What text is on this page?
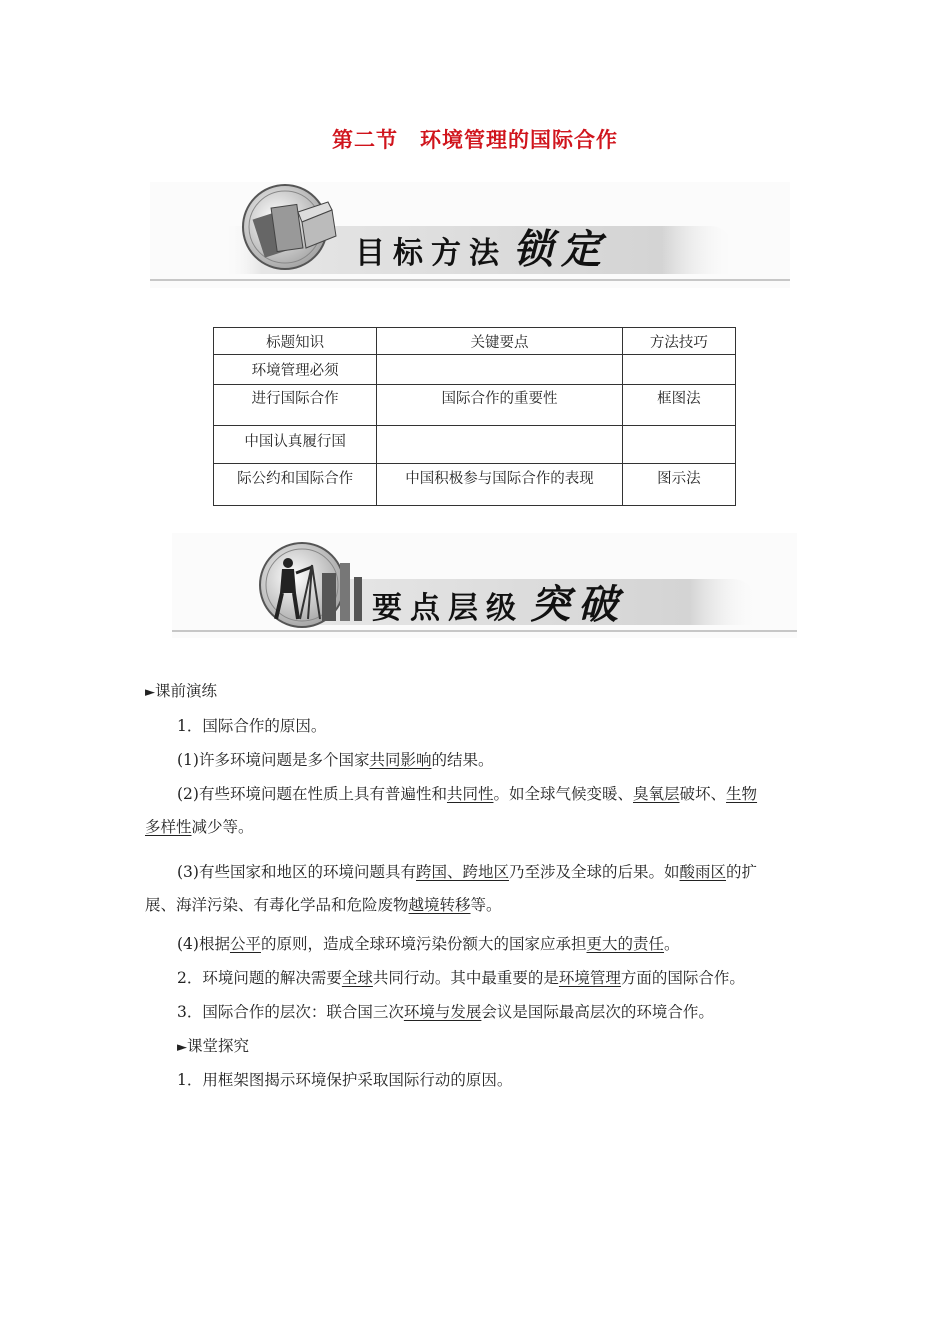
第二节 环境管理的国际合作
目标方法 锁定
标题知识	关键要点	方法技巧
环境管理必须		
进行国际合作	国际合作的重要性	框图法
中国认真履行国		
际公约和国际合作	中国积极参与国际合作的表现	图示法
要点层级 突破

►课前演练

1．国际合作的原因。

(1)许多环境问题是多个国家共同影响的结果。

(2)有些环境问题在性质上具有普遍性和共同性。如全球气候变暖、臭氧层破坏、生物

多样性减少等。

(3)有些国家和地区的环境问题具有跨国、跨地区乃至涉及全球的后果。如酸雨区的扩

展、海洋污染、有毒化学品和危险废物越境转移等。

(4)根据公平的原则，造成全球环境污染份额大的国家应承担更大的责任。

2．环境问题的解决需要全球共同行动。其中最重要的是环境管理方面的国际合作。

3．国际合作的层次：联合国三次环境与发展会议是国际最高层次的环境合作。

►课堂探究

1．用框架图揭示环境保护采取国际行动的原因。
